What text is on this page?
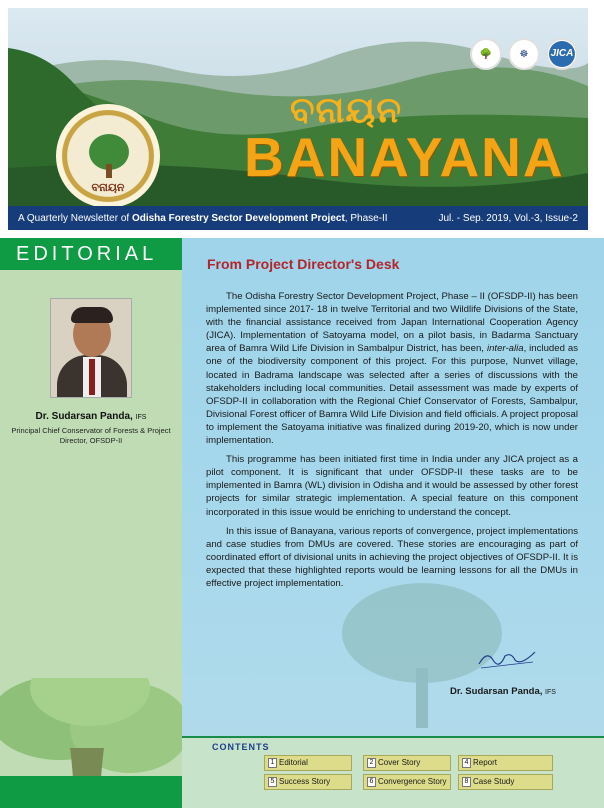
🌳	☸	JICA
ବନାୟନ
ବନାୟନ
BANAYANA
A Quarterly Newsletter of Odisha Forestry Sector Development Project, Phase-II	Jul. - Sep. 2019, Vol.-3, Issue-2
EDITORIAL
Dr. Sudarsan Panda, IFS
Principal Chief Conservator of Forests & Project Director, OFSDP-II
From Project Director's Desk

The Odisha Forestry Sector Development Project, Phase – II (OFSDP-II) has been implemented since 2017- 18 in twelve Territorial and two Wildlife Divisions of the State, with the financial assistance received from Japan International Cooperation Agency (JICA). Implementation of Satoyama model, on a pilot basis, in Badarma Sanctuary area of Bamra Wild Life Division in Sambalpur District, has been, inter-alia, included as one of the biodiversity component of this project. For this purpose, Nunvet village, located in Badrama landscape was selected after a series of discussions with the stakeholders including local communities. Detail assessment was made by experts of OFSDP-II in collaboration with the Regional Chief Conservator of Forests, Sambalpur, Divisional Forest officer of Bamra Wild Life Division and field officials. A project proposal to implement the Satoyama initiative was finalized during 2019-20, which is now under implementation.

This programme has been initiated first time in India under any JICA project as a pilot component. It is significant that under OFSDP-II these tasks are to be implemented in Bamra (WL) division in Odisha and it would be assessed by other forest projects for similar strategic implementation. A special feature on this component incorporated in this issue would be enriching to understand the concept.

In this issue of Banayana, various reports of convergence, project implementations and case studies from DMUs are covered. These stories are encouraging as part of coordinated effort of divisional units in achieving the project objectives of OFSDP-II. It is expected that these highlighted reports would be learning lessons for all the DMUs in effective project implementation.

Dr. Sudarsan Panda, IFS
CONTENTS
1 Editorial	2 Cover Story	4 Report
5 Success Story	6 Convergence Story	8 Case Study
